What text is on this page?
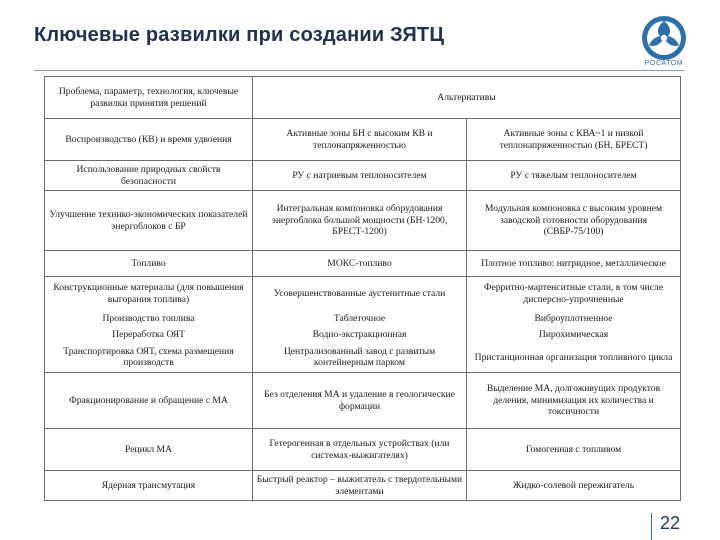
Ключевые развилки при создании ЗЯТЦ
РОСАТОМ
Проблема, параметр, технология, ключевые развилки принятия решений	Альтернативы	
Воспроизводство (КВ) и время удвоения	Активные зоны БН с высоким КВ и теплонапряженностью	Активные зоны с КВА~1 и низкой теплонапряженностью (БН, БРЕСТ)
Использование природных свойств безопасности	РУ с натриевым теплоносителем	РУ с тяжелым теплоносителем
Улучшение технико-экономических показателей энергоблоков с БР	Интегральная компоновка оборудования энергоблока большой мощности (БН-1200, БРЕСТ-1200)	Модульная компоновка с высоким уровнем заводской готовности оборудования (СВБР-75/100)
Топливо	МОКС-топливо	Плотное топливо: нитридное, металлическое
Конструкционные материалы (для повышения выгорания топлива)	Усовершенствованные аустенитные стали	Ферритно-мартенситные стали, в том числе дисперсно-упрочненные
Производство топлива	Таблеточное	Виброуплотненное
Переработка ОЯТ	Водно-экстракционная	Пирохимическая
Транспортировка ОЯТ, схема размещения производств	Централизованный завод с развитым контейнерным парком	Пристанционная организация топливного цикла
Фракционирование и обращение с МА	Без отделения МА и удаление в геологические формации	Выделение МА, долгоживущих продуктов деления, минимизация их количества и токсичности
Рецикл МА	Гетерогенная в отдельных устройствах (или системах-выжигателях)	Гомогенная с топливом
Ядерная трансмутация	Быстрый реактор – выжигатель с твердотельными элементами	Жидко-солевой пережигатель
22
